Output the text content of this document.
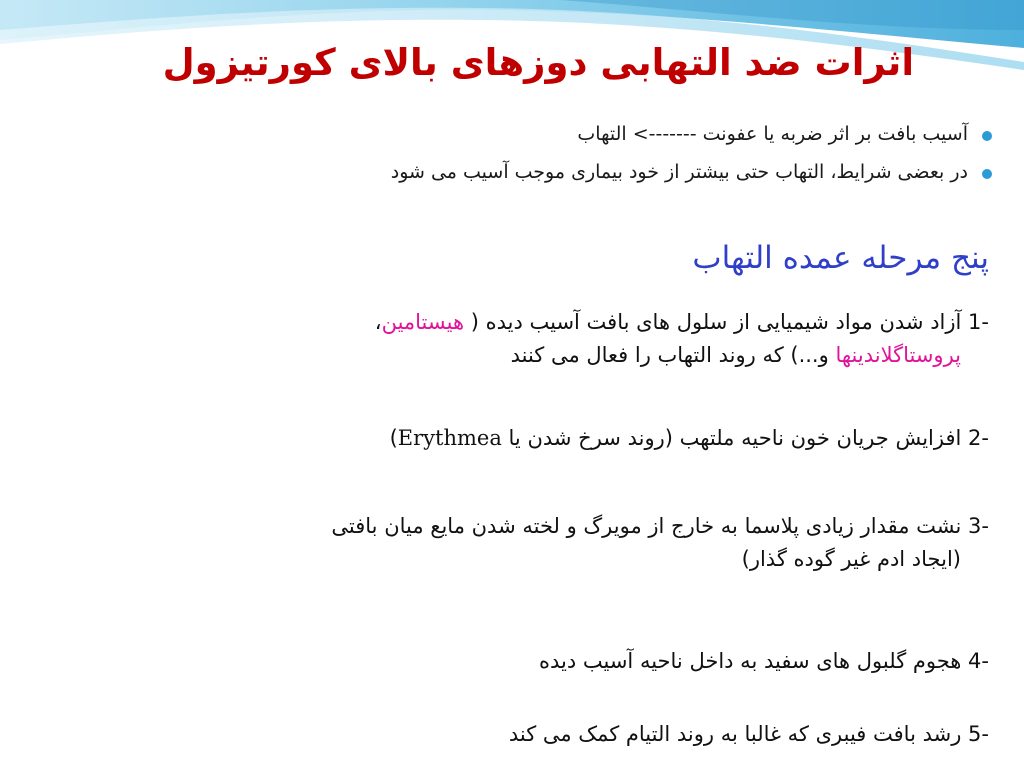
اثرات ضد التهابی دوزهای بالای کورتیزول
آسیب بافت بر اثر ضربه یا عفونت -------> التهاب
در بعضی شرایط، التهاب حتی بیشتر از خود بیماری موجب آسیب می شود
پنج مرحله عمده التهاب
1- آزاد شدن مواد شیمیایی از سلول های بافت آسیب دیده ( هیستامین،
پروستاگلاندینها و...) که روند التهاب را فعال می کنند
2- افزایش جریان خون ناحیه ملتهب (روند سرخ شدن یا Erythmea)
3- نشت مقدار زیادی پلاسما به خارج از مویرگ و لخته شدن مایع میان بافتی
(ایجاد ادم غیر گوده گذار)
4- هجوم گلبول های سفید به داخل ناحیه آسیب دیده
5- رشد بافت فیبری که غالبا به روند التیام کمک می کند
